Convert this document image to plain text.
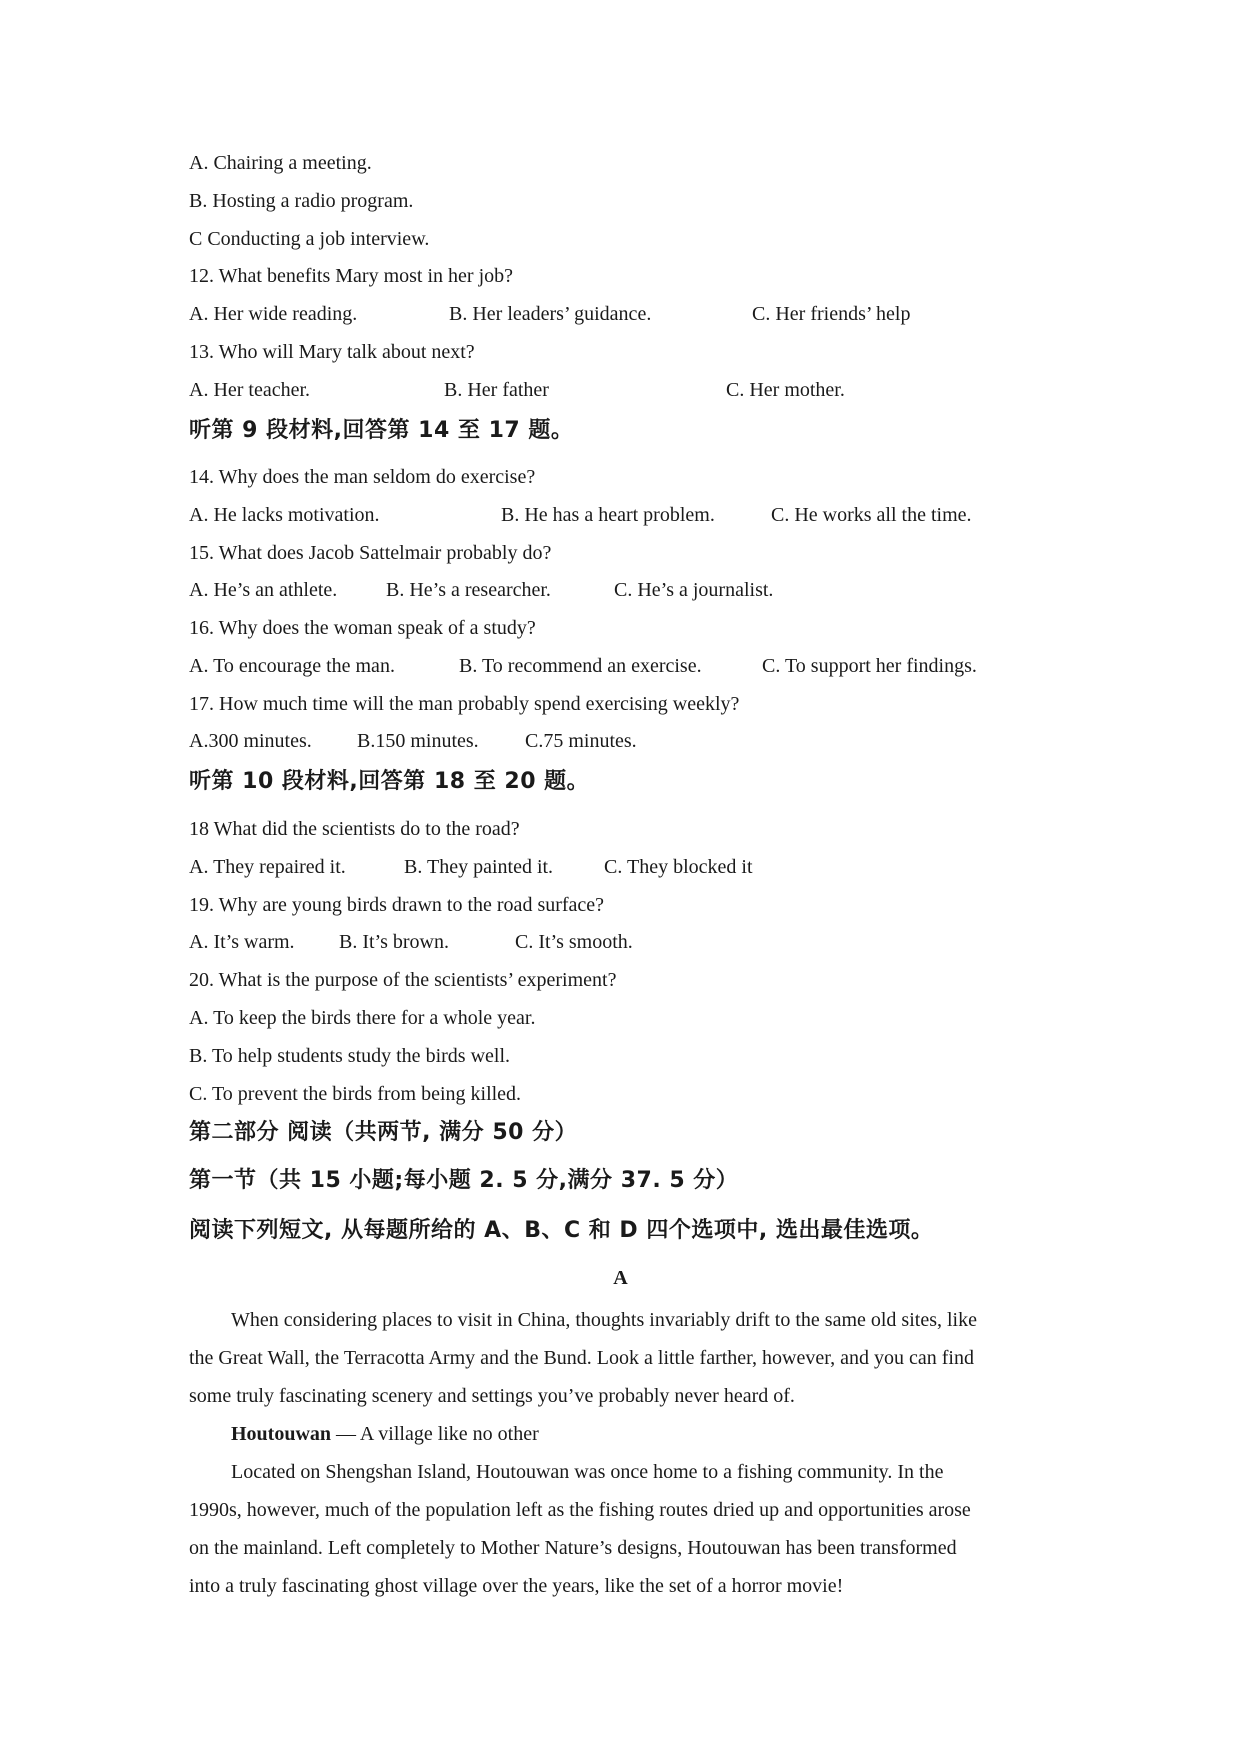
A. Chairing a meeting.
B. Hosting a radio program.
C Conducting a job interview.
12. What benefits Mary most in her job?
A. Her wide reading.	B. Her leaders’ guidance.	C. Her friends’ help
13. Who will Mary talk about next?
A. Her teacher.	B. Her father	C. Her mother.
听第 9 段材料,回答第 14 至 17 题。
14. Why does the man seldom do exercise?
A. He lacks motivation.	B. He has a heart problem.	C. He works all the time.
15. What does Jacob Sattelmair probably do?
A. He’s an athlete. B. He’s a researcher.	C. He’s a journalist.
16. Why does the woman speak of a study?
A. To encourage the man.	B. To recommend an exercise.	C. To support her findings.
17. How much time will the man probably spend exercising weekly?
A.300 minutes. B.150 minutes. C.75 minutes.
听第 10 段材料,回答第 18 至 20 题。
18 What did the scientists do to the road?
A. They repaired it.	B. They painted it.	C. They blocked it
19. Why are young birds drawn to the road surface?
A. It’s warm. B. It’s brown.	C. It’s smooth.
20. What is the purpose of the scientists’ experiment?
A. To keep the birds there for a whole year.
B. To help students study the birds well.
C. To prevent the birds from being killed.
第二部分 阅读（共两节, 满分 50 分）
第一节（共 15 小题;每小题 2. 5 分,满分 37. 5 分）
阅读下列短文, 从每题所给的 A、B、C 和 D 四个选项中, 选出最佳选项。
A
When considering places to visit in China, thoughts invariably drift to the same old sites, like
the Great Wall, the Terracotta Army and the Bund. Look a little farther, however, and you can find
some truly fascinating scenery and settings you’ve probably never heard of.
Houtouwan — A village like no other
Located on Shengshan Island, Houtouwan was once home to a fishing community. In the
1990s, however, much of the population left as the fishing routes dried up and opportunities arose
on the mainland. Left completely to Mother Nature’s designs, Houtouwan has been transformed
into a truly fascinating ghost village over the years, like the set of a horror movie!
